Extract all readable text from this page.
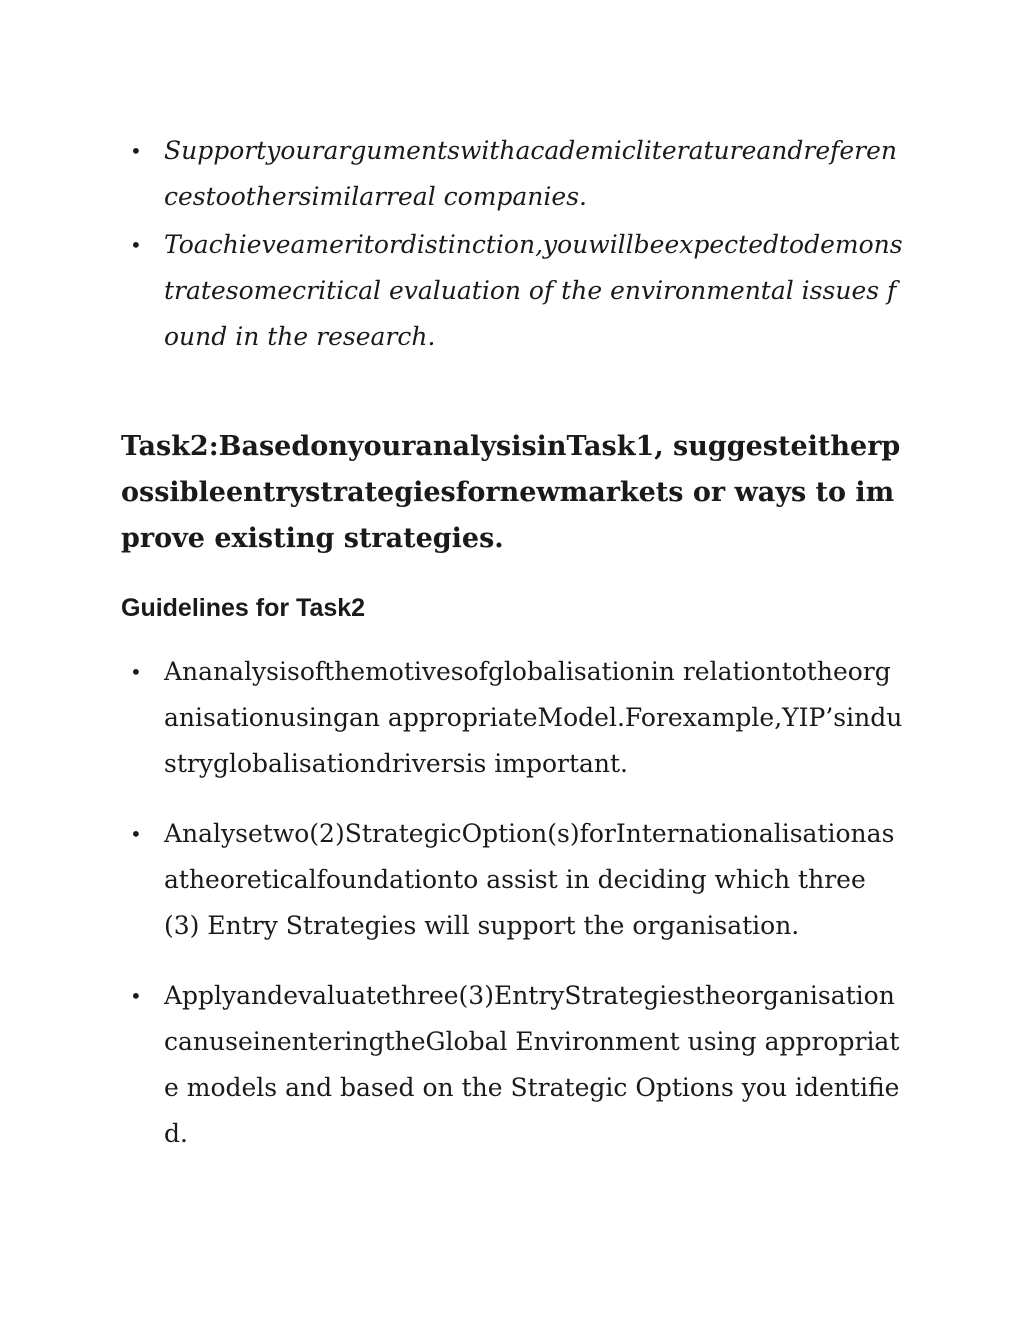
• Supportyourargumentswithacademicliteratureandreferencestoothersimilarreal companies.
• Toachieveameritordistinction,youwillbeexpectedtodemonstratesomecritical evaluation of the environmental issues found in the research.
Task2:BasedonyouranalysisinTask1, suggesteitherpossibleentrystrategiesfornewmarkets or ways to improve existing strategies.
Guidelines for Task2
• Ananalysisofthemotivesofglobalisationin relationtotheorganisationusingan appropriateModel.Forexample,YIP’sindustryglobalisationdriversis important.
• Analysetwo(2)StrategicOption(s)forInternationalisationasatheoreticalfoundationto assist in deciding which three (3) Entry Strategies will support the organisation.
• Applyandevaluatethree(3)EntryStrategiestheorganisationcanuseinenteringtheGlobal Environment using appropriate models and based on the Strategic Options you identified.
